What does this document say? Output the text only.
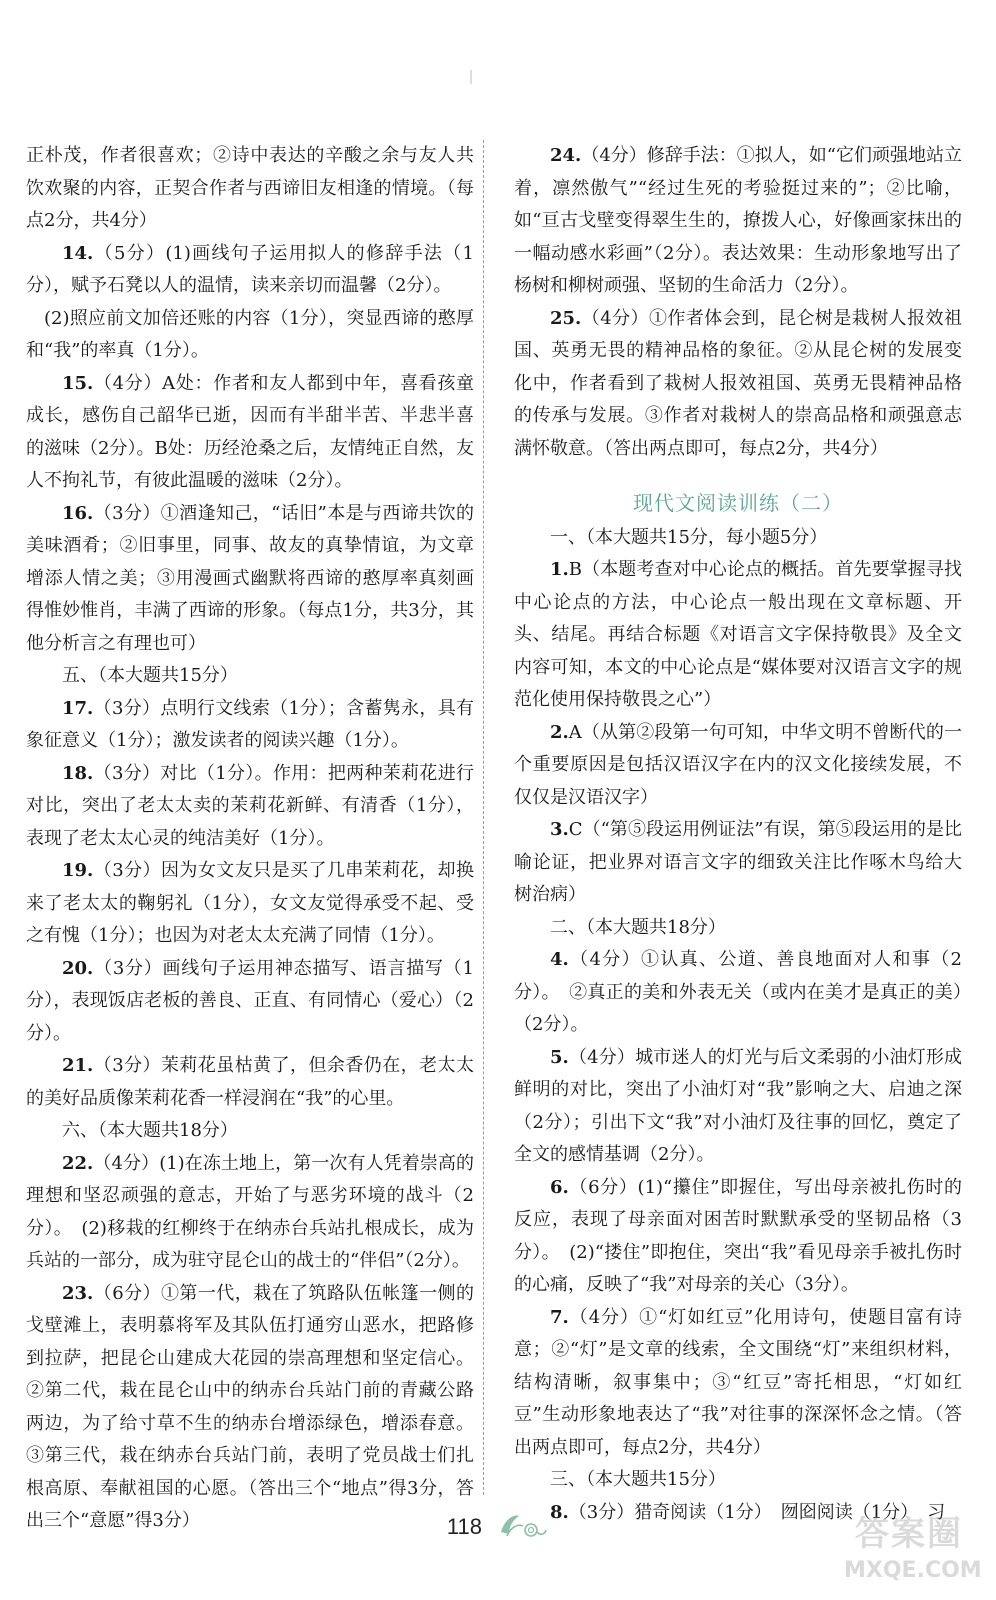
正朴茂，作者很喜欢；②诗中表达的辛酸之余与友人共饮欢聚的内容，正契合作者与西谛旧友相逢的情境。（每点2分，共4分）

14.（5分）(1)画线句子运用拟人的修辞手法（1分），赋予石凳以人的温情，读来亲切而温馨（2分）。

(2)照应前文加倍还账的内容（1分），突显西谛的憨厚和“我”的率真（1分）。

15.（4分）A处：作者和友人都到中年，喜看孩童成长，感伤自己韶华已逝，因而有半甜半苦、半悲半喜的滋味（2分）。B处：历经沧桑之后，友情纯正自然，友人不拘礼节，有彼此温暖的滋味（2分）。

16.（3分）①酒逢知己，“话旧”本是与西谛共饮的美味酒肴；②旧事里，同事、故友的真挚情谊，为文章增添人情之美；③用漫画式幽默将西谛的憨厚率真刻画得惟妙惟肖，丰满了西谛的形象。（每点1分，共3分，其他分析言之有理也可）

五、（本大题共15分）

17.（3分）点明行文线索（1分）；含蓄隽永，具有象征意义（1分）；激发读者的阅读兴趣（1分）。

18.（3分）对比（1分）。作用：把两种茉莉花进行对比，突出了老太太卖的茉莉花新鲜、有清香（1分），表现了老太太心灵的纯洁美好（1分）。

19.（3分）因为女文友只是买了几串茉莉花，却换来了老太太的鞠躬礼（1分），女文友觉得承受不起、受之有愧（1分）；也因为对老太太充满了同情（1分）。

20.（3分）画线句子运用神态描写、语言描写（1分），表现饭店老板的善良、正直、有同情心（爱心）（2分）。

21.（3分）茉莉花虽枯黄了，但余香仍在，老太太的美好品质像茉莉花香一样浸润在“我”的心里。

六、（本大题共18分）

22.（4分）(1)在冻土地上，第一次有人凭着崇高的理想和坚忍顽强的意志，开始了与恶劣环境的战斗（2分）。　(2)移栽的红柳终于在纳赤台兵站扎根成长，成为兵站的一部分，成为驻守昆仑山的战士的“伴侣”（2分）。

23.（6分）①第一代，栽在了筑路队伍帐篷一侧的戈壁滩上，表明慕将军及其队伍打通穷山恶水，把路修到拉萨，把昆仑山建成大花园的崇高理想和坚定信心。②第二代，栽在昆仑山中的纳赤台兵站门前的青藏公路两边，为了给寸草不生的纳赤台增添绿色，增添春意。③第三代，栽在纳赤台兵站门前，表明了党员战士们扎根高原、奉献祖国的心愿。（答出三个“地点”得3分，答出三个“意愿”得3分）

24.（4分）修辞手法：①拟人，如“它们顽强地站立着，凛然傲气”“经过生死的考验挺过来的”；②比喻，如“亘古戈壁变得翠生生的，撩拨人心，好像画家抹出的一幅动感水彩画”（2分）。表达效果：生动形象地写出了杨树和柳树顽强、坚韧的生命活力（2分）。

25.（4分）①作者体会到，昆仑树是栽树人报效祖国、英勇无畏的精神品格的象征。②从昆仑树的发展变化中，作者看到了栽树人报效祖国、英勇无畏精神品格的传承与发展。③作者对栽树人的崇高品格和顽强意志满怀敬意。（答出两点即可，每点2分，共4分）

现代文阅读训练（二）

一、（本大题共15分，每小题5分）

1.B（本题考查对中心论点的概括。首先要掌握寻找中心论点的方法，中心论点一般出现在文章标题、开头、结尾。再结合标题《对语言文字保持敬畏》及全文内容可知，本文的中心论点是“媒体要对汉语言文字的规范化使用保持敬畏之心”）

2.A（从第②段第一句可知，中华文明不曾断代的一个重要原因是包括汉语汉字在内的汉文化接续发展，不仅仅是汉语汉字）

3.C（“第⑤段运用例证法”有误，第⑤段运用的是比喻论证，把业界对语言文字的细致关注比作啄木鸟给大树治病）

二、（本大题共18分）

4.（4分）①认真、公道、善良地面对人和事（2分）。　②真正的美和外表无关（或内在美才是真正的美）（2分）。

5.（4分）城市迷人的灯光与后文柔弱的小油灯形成鲜明的对比，突出了小油灯对“我”影响之大、启迪之深（2分）；引出下文“我”对小油灯及往事的回忆，奠定了全文的感情基调（2分）。

6.（6分）(1)“攥住”即握住，写出母亲被扎伤时的反应，表现了母亲面对困苦时默默承受的坚韧品格（3分）。　(2)“搂住”即抱住，突出“我”看见母亲手被扎伤时的心痛，反映了“我”对母亲的关心（3分）。

7.（4分）①“灯如红豆”化用诗句，使题目富有诗意；②“灯”是文章的线索，全文围绕“灯”来组织材料，结构清晰，叙事集中；③“红豆”寄托相思，“灯如红豆”生动形象地表达了“我”对往事的深深怀念之情。（答出两点即可，每点2分，共4分）

三、（本大题共15分）

8.（3分）猎奇阅读（1分）　囫囵阅读（1分）　习

118	答案圈
MXQE.COM
